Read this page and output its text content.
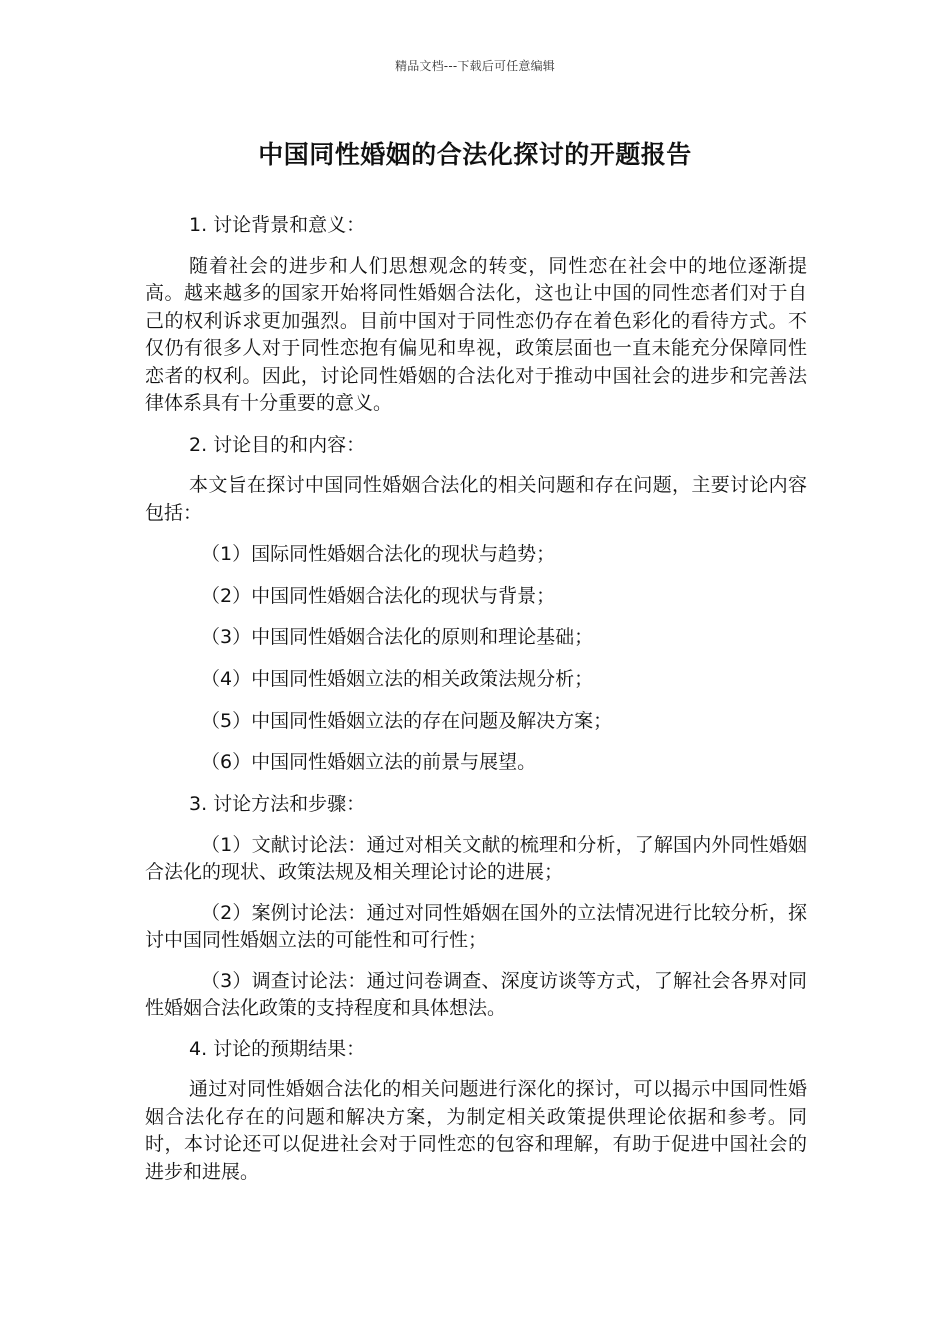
精品文档---下载后可任意编辑
中国同性婚姻的合法化探讨的开题报告

1. 讨论背景和意义：

随着社会的进步和人们思想观念的转变，同性恋在社会中的地位逐渐提高。越来越多的国家开始将同性婚姻合法化，这也让中国的同性恋者们对于自己的权利诉求更加强烈。目前中国对于同性恋仍存在着色彩化的看待方式。不仅仍有很多人对于同性恋抱有偏见和卑视，政策层面也一直未能充分保障同性恋者的权利。因此，讨论同性婚姻的合法化对于推动中国社会的进步和完善法律体系具有十分重要的意义。

2. 讨论目的和内容：

本文旨在探讨中国同性婚姻合法化的相关问题和存在问题，主要讨论内容包括：

（1）国际同性婚姻合法化的现状与趋势；

（2）中国同性婚姻合法化的现状与背景；

（3）中国同性婚姻合法化的原则和理论基础；

（4）中国同性婚姻立法的相关政策法规分析；

（5）中国同性婚姻立法的存在问题及解决方案；

（6）中国同性婚姻立法的前景与展望。

3. 讨论方法和步骤：

（1）文献讨论法：通过对相关文献的梳理和分析，了解国内外同性婚姻合法化的现状、政策法规及相关理论讨论的进展；

（2）案例讨论法：通过对同性婚姻在国外的立法情况进行比较分析，探讨中国同性婚姻立法的可能性和可行性；

（3）调查讨论法：通过问卷调查、深度访谈等方式，了解社会各界对同性婚姻合法化政策的支持程度和具体想法。

4. 讨论的预期结果：

通过对同性婚姻合法化的相关问题进行深化的探讨，可以揭示中国同性婚姻合法化存在的问题和解决方案，为制定相关政策提供理论依据和参考。同时，本讨论还可以促进社会对于同性恋的包容和理解，有助于促进中国社会的进步和进展。
